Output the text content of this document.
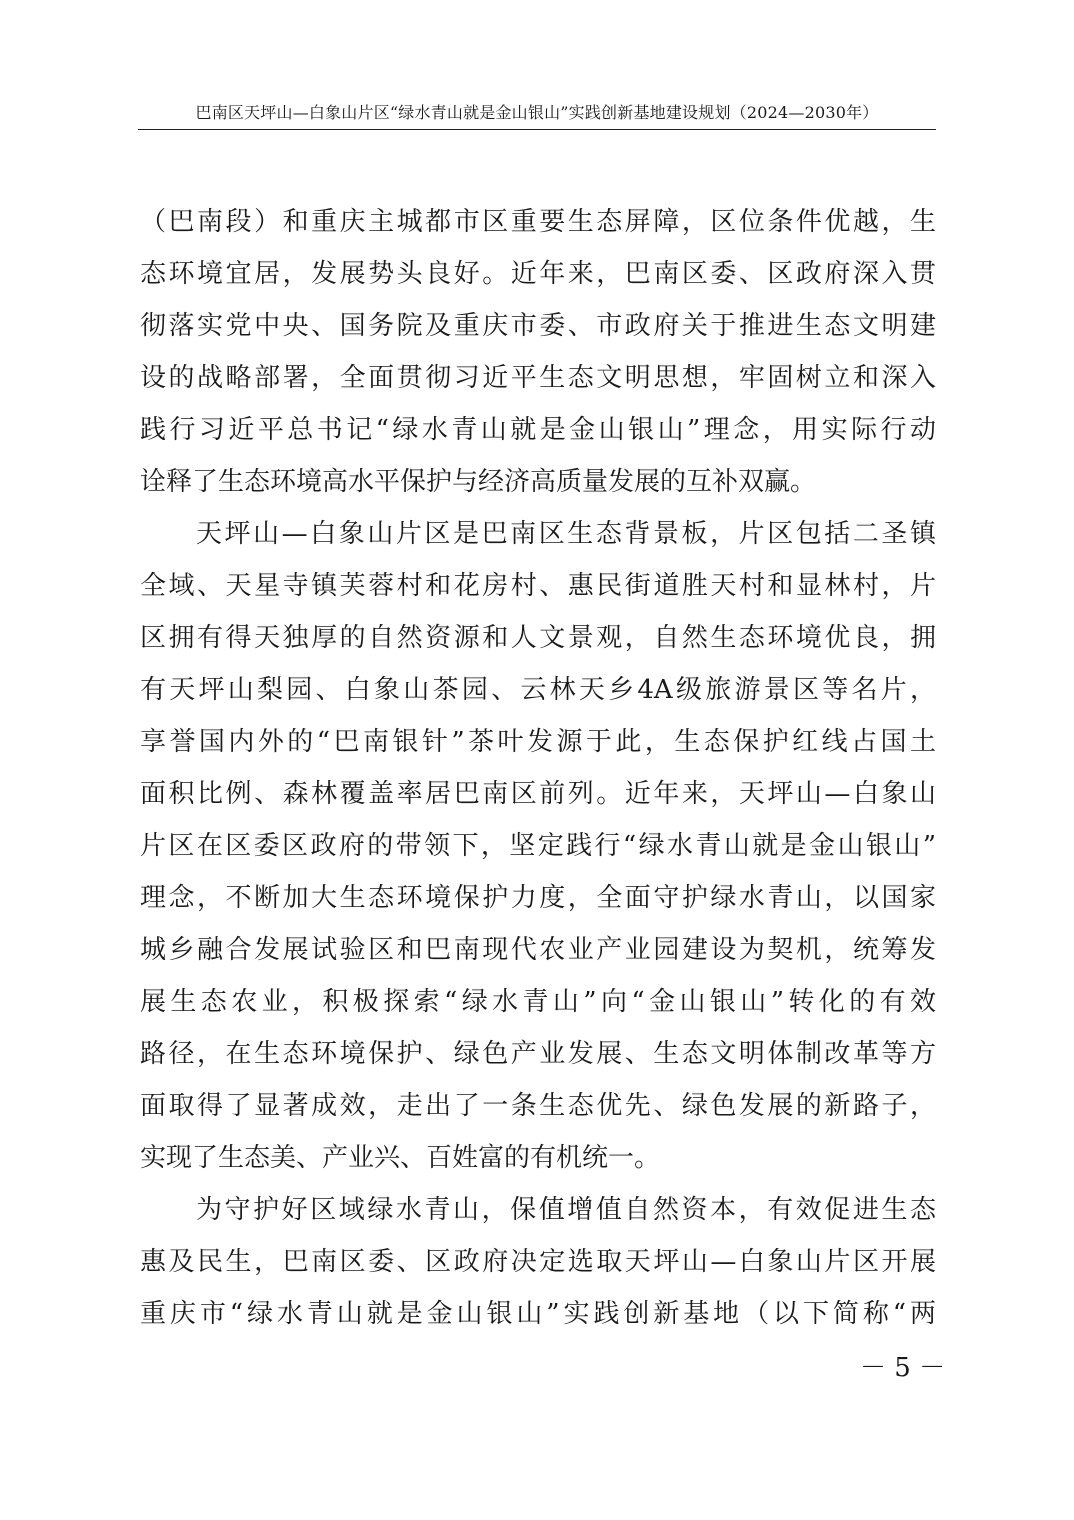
巴南区天坪山—白象山片区“绿水青山就是金山银山”实践创新基地建设规划（2024—2030年）
（巴南段）和重庆主城都市区重要生态屏障，区位条件优越，生
态环境宜居，发展势头良好。近年来，巴南区委、区政府深入贯
彻落实党中央、国务院及重庆市委、市政府关于推进生态文明建
设的战略部署，全面贯彻习近平生态文明思想，牢固树立和深入
践行习近平总书记“绿水青山就是金山银山”理念，用实际行动
诠释了生态环境高水平保护与经济高质量发展的互补双赢。
天坪山—白象山片区是巴南区生态背景板，片区包括二圣镇
全域、天星寺镇芙蓉村和花房村、惠民街道胜天村和显林村，片
区拥有得天独厚的自然资源和人文景观，自然生态环境优良，拥
有天坪山梨园、白象山茶园、云林天乡4A级旅游景区等名片，
享誉国内外的“巴南银针”茶叶发源于此，生态保护红线占国土
面积比例、森林覆盖率居巴南区前列。近年来，天坪山—白象山
片区在区委区政府的带领下，坚定践行“绿水青山就是金山银山”
理念，不断加大生态环境保护力度，全面守护绿水青山，以国家
城乡融合发展试验区和巴南现代农业产业园建设为契机，统筹发
展生态农业，积极探索“绿水青山”向“金山银山”转化的有效
路径，在生态环境保护、绿色产业发展、生态文明体制改革等方
面取得了显著成效，走出了一条生态优先、绿色发展的新路子，
实现了生态美、产业兴、百姓富的有机统一。
为守护好区域绿水青山，保值增值自然资本，有效促进生态
惠及民生，巴南区委、区政府决定选取天坪山—白象山片区开展
重庆市“绿水青山就是金山银山”实践创新基地（以下简称“两
－ 5 －
